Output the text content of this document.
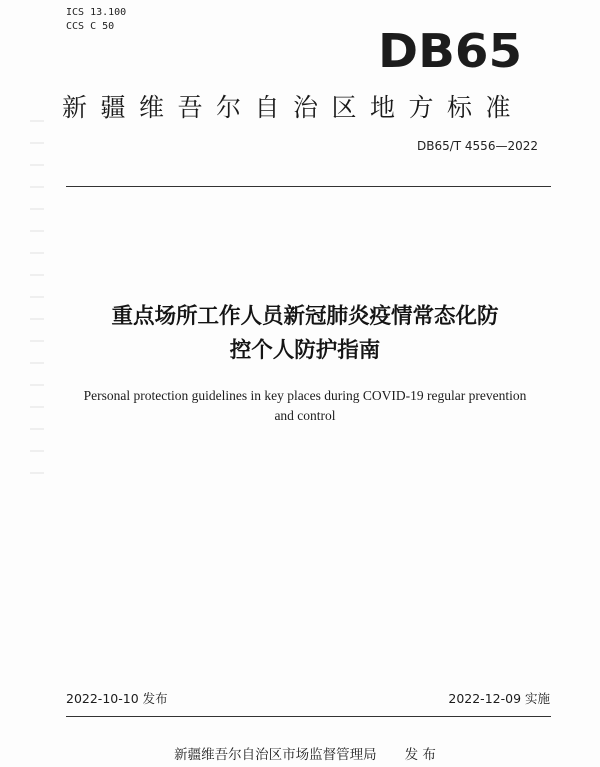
ICS 13.100
CCS C 50	DB65
新疆维吾尔自治区地方标准
DB65/T 4556—2022
重点场所工作人员新冠肺炎疫情常态化防
控个人防护指南
Personal protection guidelines in key places during COVID-19 regular prevention
and control
2022-10-10 发布	2022-12-09 实施
新疆维吾尔自治区市场监督管理局 发 布
